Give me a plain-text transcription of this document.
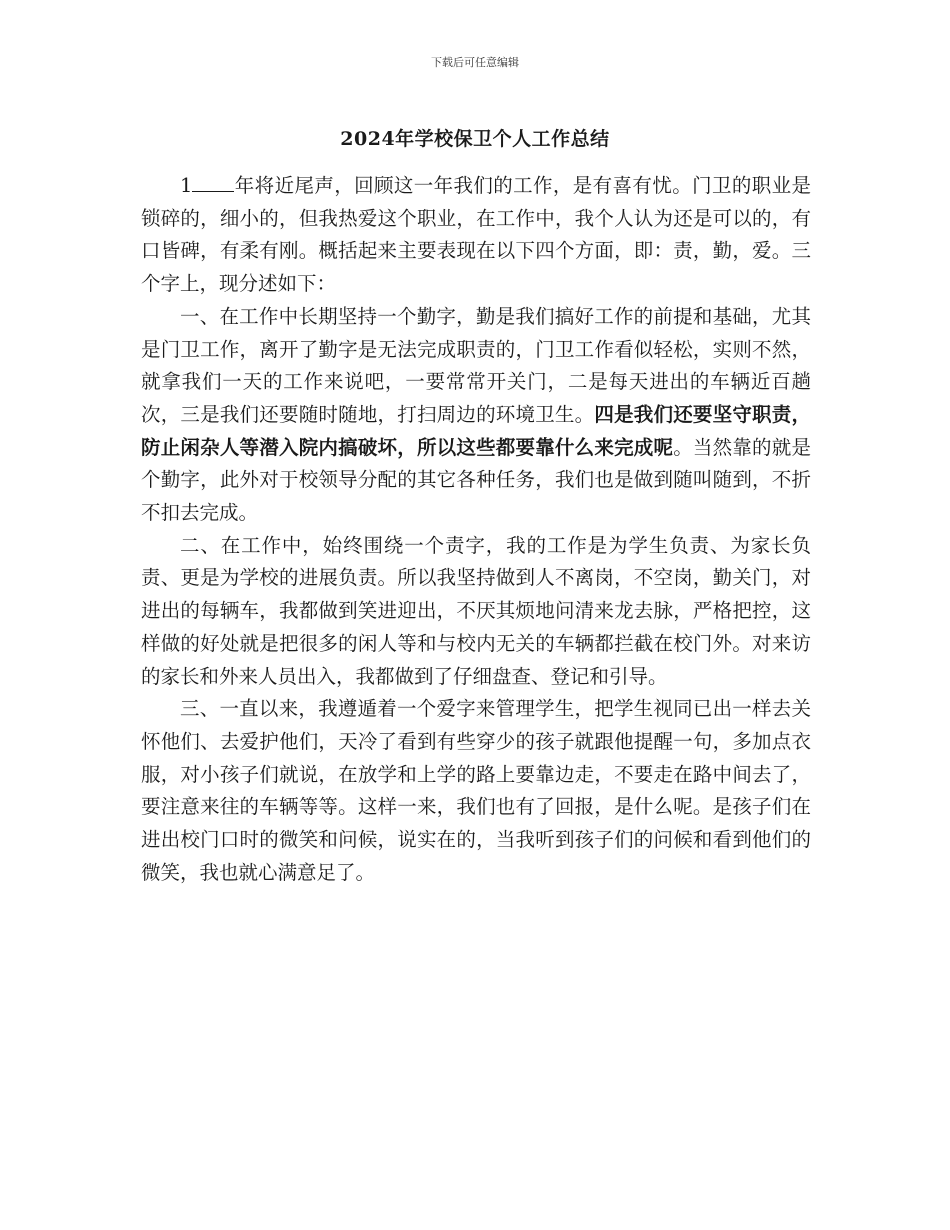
下载后可任意编辑
2024年学校保卫个人工作总结

1 年将近尾声，回顾这一年我们的工作，是有喜有忧。门卫的职业是锁碎的，细小的，但我热爱这个职业，在工作中，我个人认为还是可以的，有口皆碑，有柔有刚。概括起来主要表现在以下四个方面，即：责，勤，爱。三个字上，现分述如下：

一、在工作中长期坚持一个勤字，勤是我们搞好工作的前提和基础，尤其是门卫工作，离开了勤字是无法完成职责的，门卫工作看似轻松，实则不然，就拿我们一天的工作来说吧，一要常常开关门，二是每天进出的车辆近百趟次，三是我们还要随时随地，打扫周边的环境卫生。四是我们还要坚守职责，防止闲杂人等潜入院内搞破坏，所以这些都要靠什么来完成呢。当然靠的就是个勤字，此外对于校领导分配的其它各种任务，我们也是做到随叫随到，不折不扣去完成。

二、在工作中，始终围绕一个责字，我的工作是为学生负责、为家长负责、更是为学校的进展负责。所以我坚持做到人不离岗，不空岗，勤关门，对进出的每辆车，我都做到笑进迎出，不厌其烦地问清来龙去脉，严格把控，这样做的好处就是把很多的闲人等和与校内无关的车辆都拦截在校门外。对来访的家长和外来人员出入，我都做到了仔细盘查、登记和引导。

三、一直以来，我遵遁着一个爱字来管理学生，把学生视同已出一样去关怀他们、去爱护他们，天冷了看到有些穿少的孩子就跟他提醒一句，多加点衣服，对小孩子们就说，在放学和上学的路上要靠边走，不要走在路中间去了，要注意来往的车辆等等。这样一来，我们也有了回报，是什么呢。是孩子们在进出校门口时的微笑和问候，说实在的，当我听到孩子们的问候和看到他们的微笑，我也就心满意足了。
